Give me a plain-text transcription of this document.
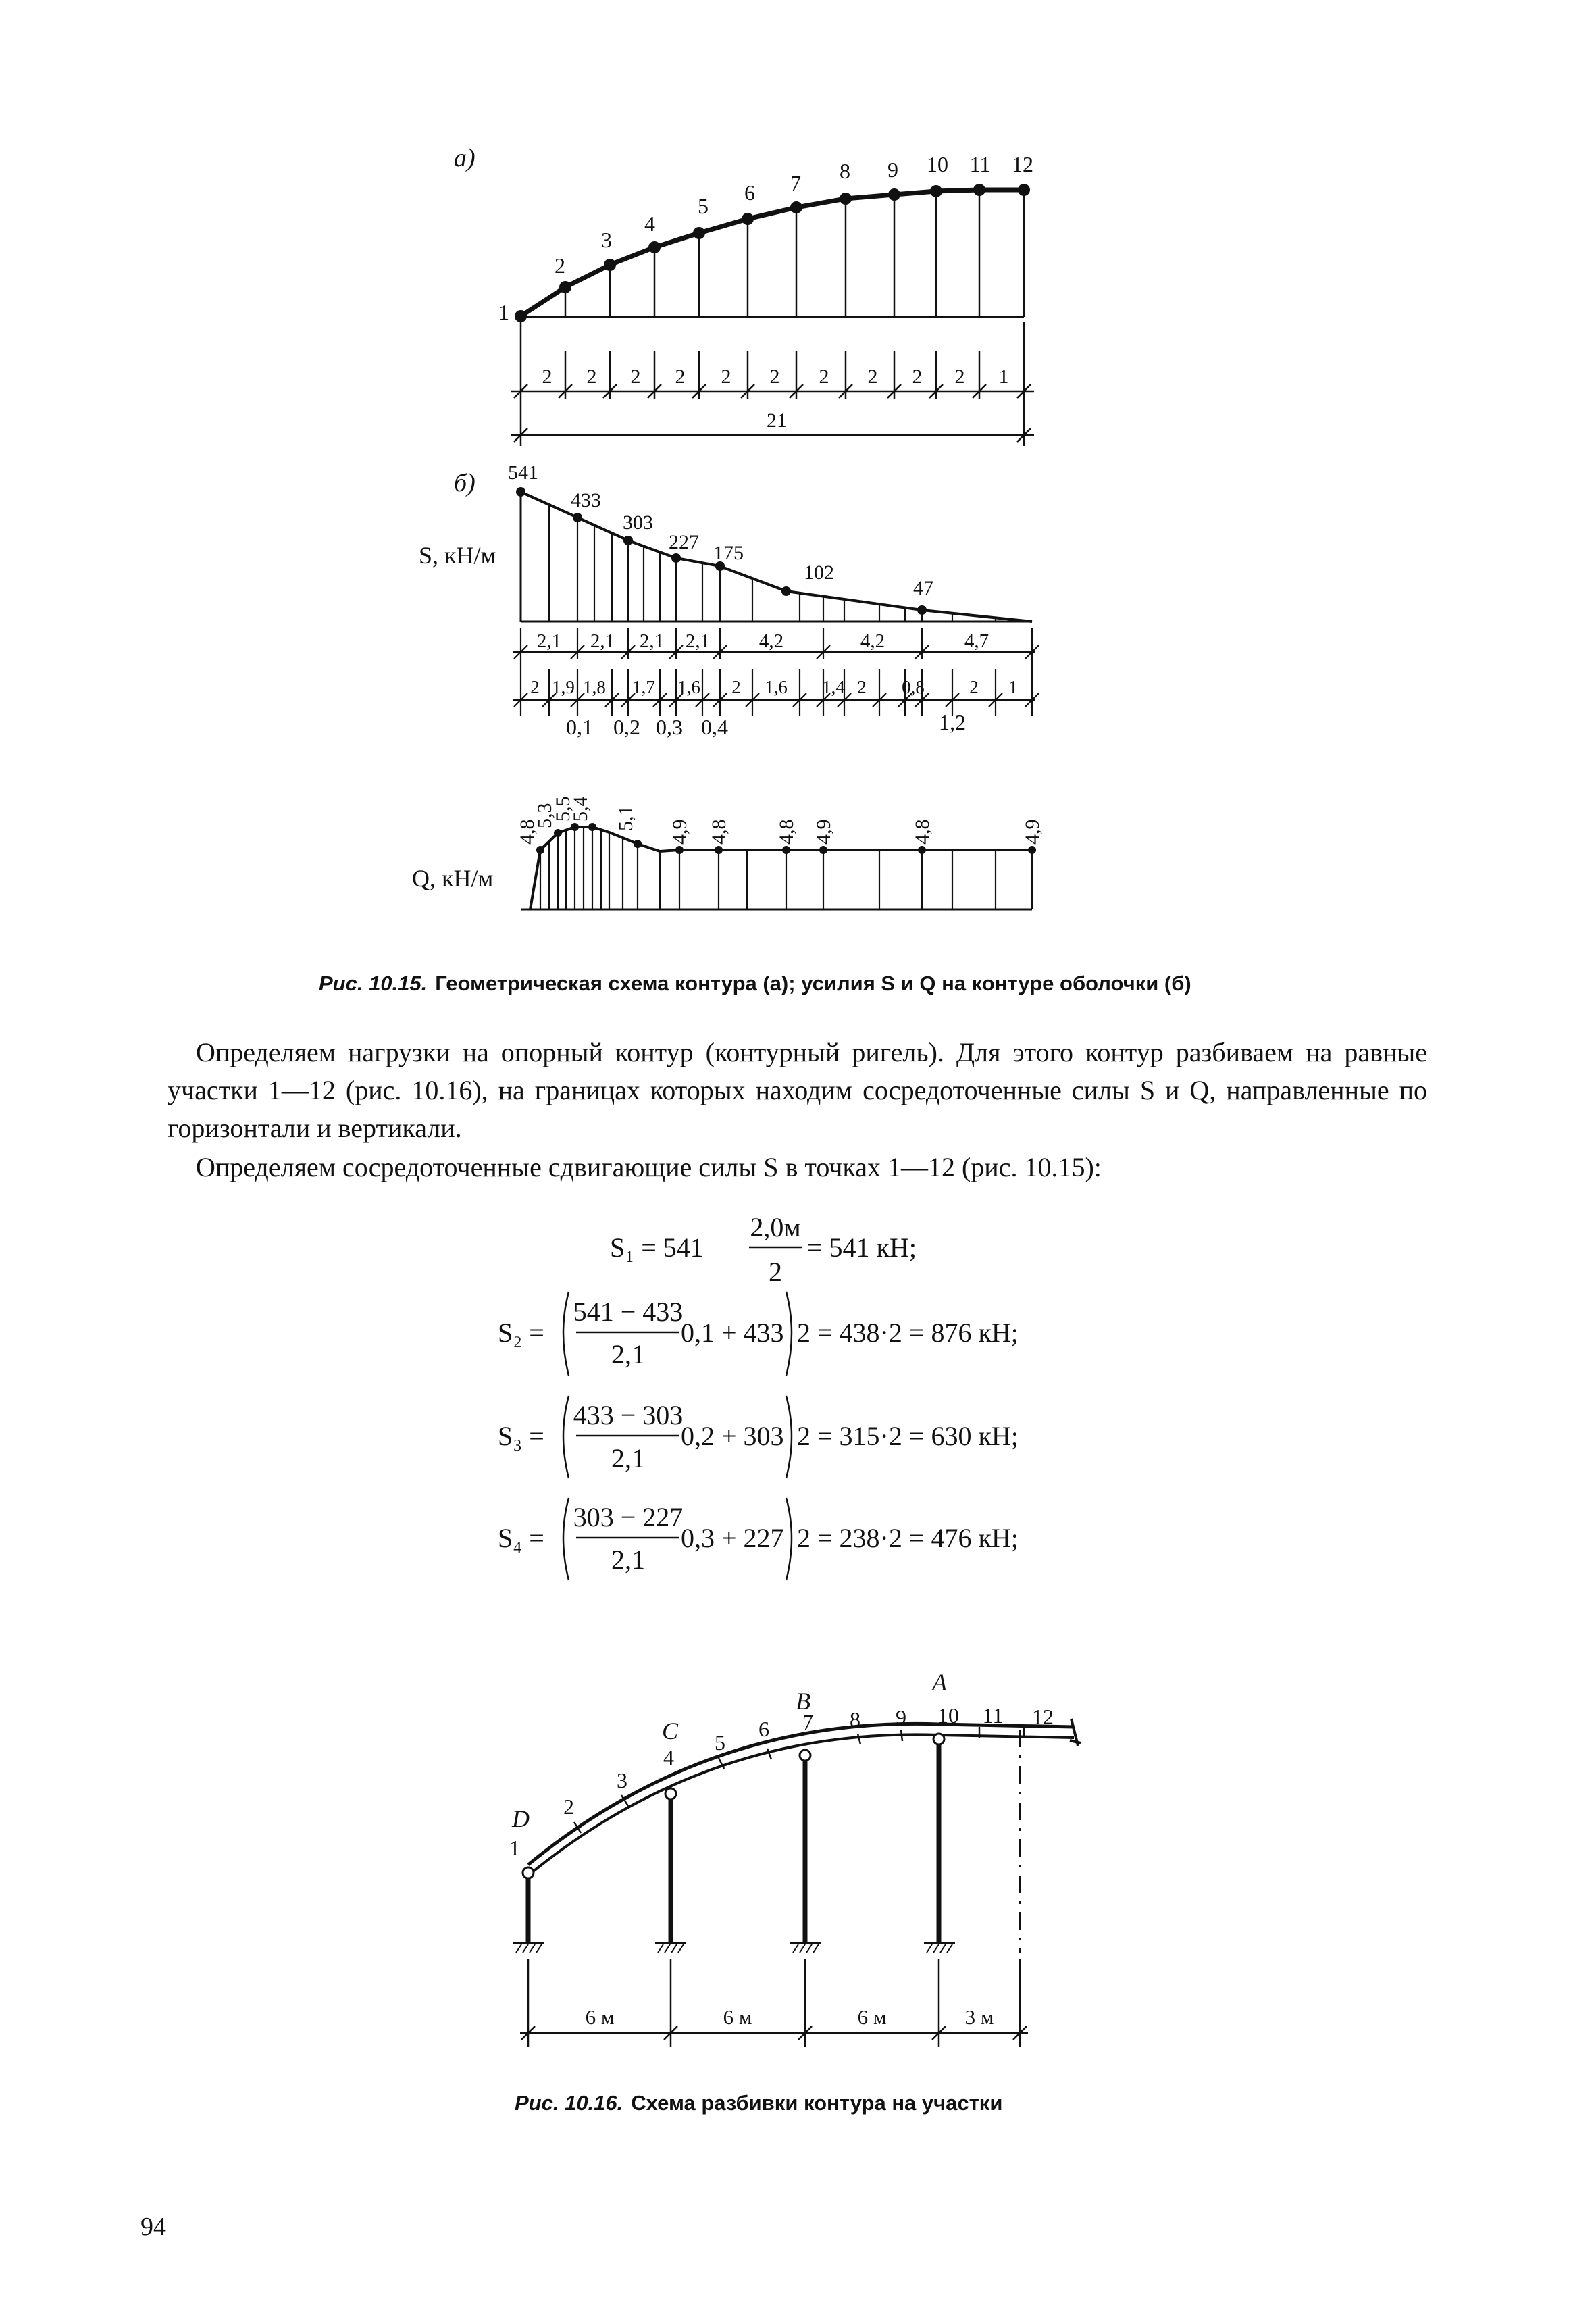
а)
1
2
3
4
5
6 7 8 9 10 11 12
2 2 2 2 2 2 2 2 2 2 1
21
б)
S, кН/м
541
433
303
227 175
102
47
2,1 2,1 2,1 2,1	4,2	4,2	4,7
2 1,9 1,8 1,7 1,6 2 1,6 1,4 2 0,8 2 1
0,1 0,2 0,3 0,4	1,2
Q, кН/м
4,8
5,3
5,5
5,4 5,1
4,9 4,8 4,8 4,9	4,8	4,9
Рис. 10.15. Геометрическая схема контура (а); усилия S и Q на контуре оболочки (б)
D
C
B
A
1
2
3
4
5
6 7 8 9 10 11 12
6 м	6 м	6 м	3 м
Рис. 10.16. Схема разбивки контура на участки
S₁ = 541
2,0м
2
= 541 кН;
S₂ =
541 − 433
2,1
0,1 + 433 2 = 438·2 = 876 кН;
S₃ =
433 − 303
2,1
0,2 + 303 2 = 315·2 = 630 кН;
S₄ =
303 − 227
2,1
0,3 + 227 2 = 238·2 = 476 кН;
94

Определяем нагрузки на опорный контур (контурный ригель). Для этого контур разбиваем на равные участки 1—12 (рис. 10.16), на границах которых находим сосредоточенные силы S и Q, направленные по горизонтали и вертикали.

Определяем сосредоточенные сдвигающие силы S в точках 1—12 (рис. 10.15):
